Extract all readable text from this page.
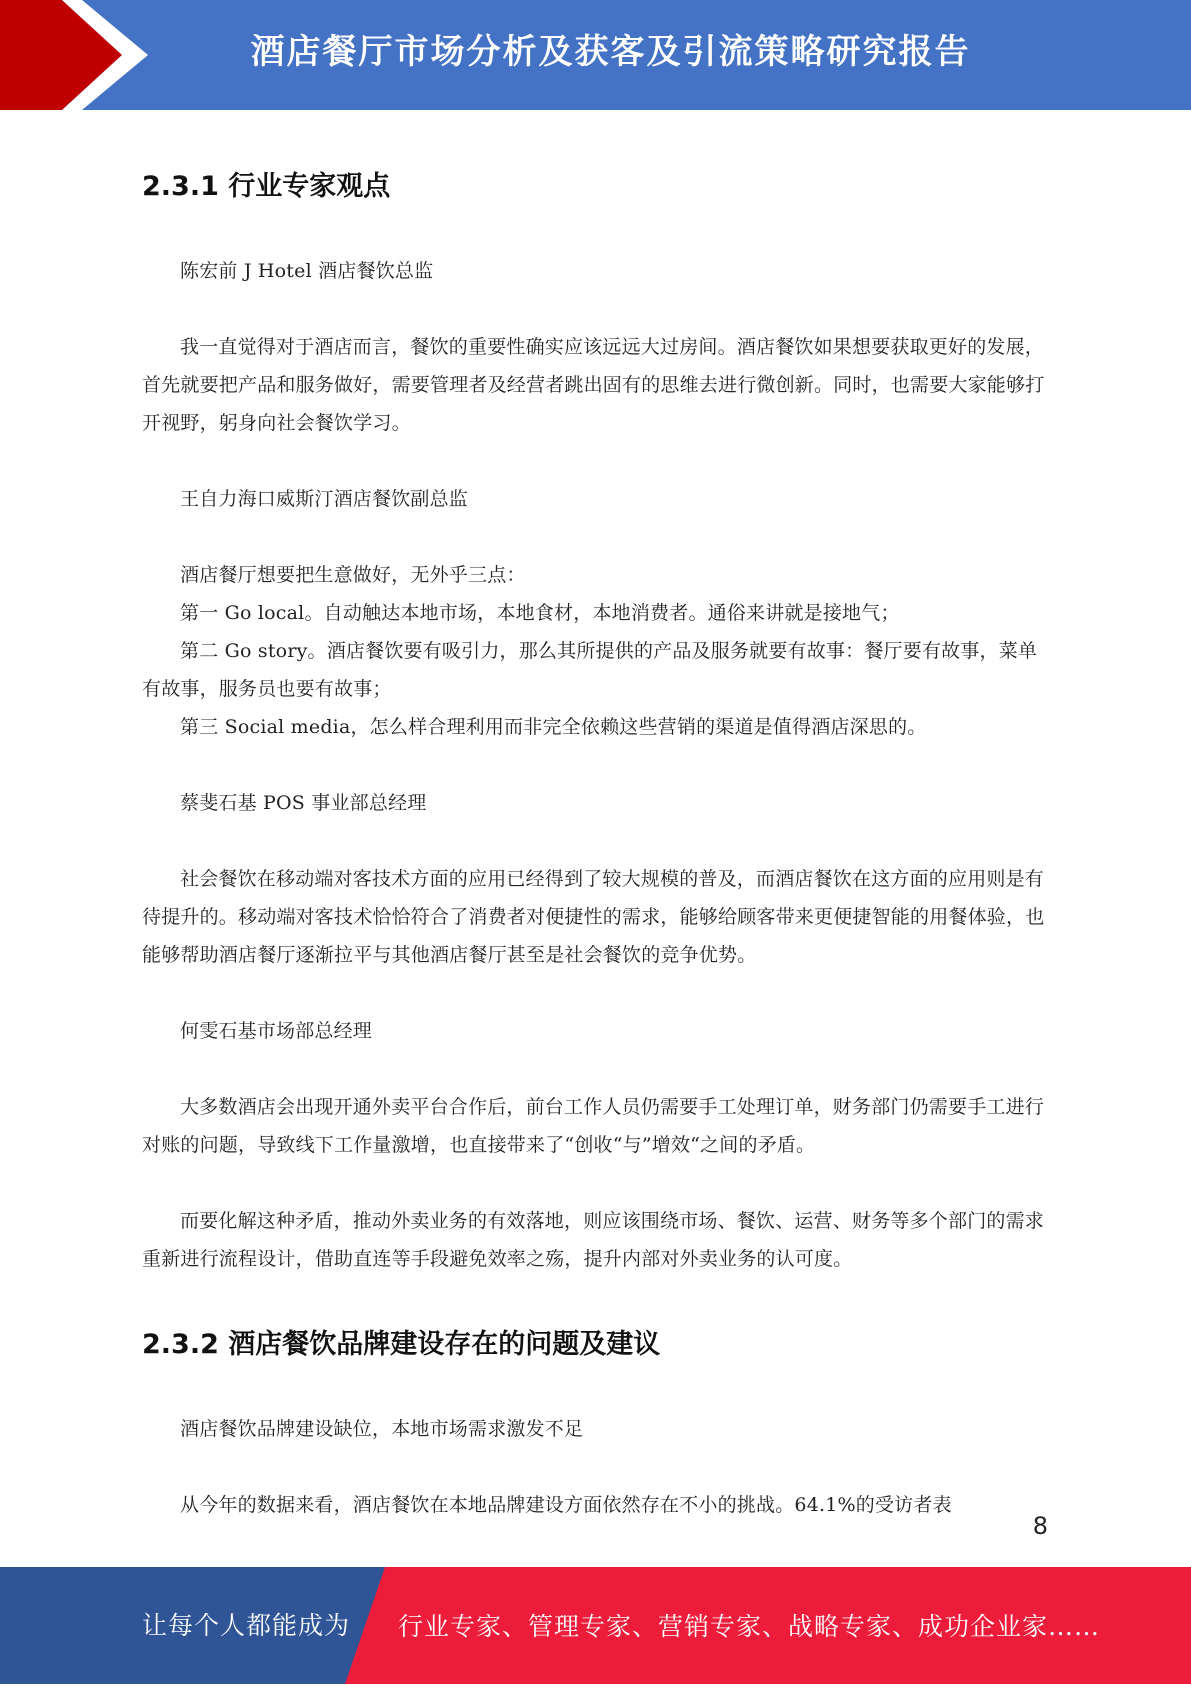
酒店餐厅市场分析及获客及引流策略研究报告
2.3.1 行业专家观点

陈宏前 J Hotel 酒店餐饮总监

我一直觉得对于酒店而言，餐饮的重要性确实应该远远大过房间。酒店餐饮如果想要获取更好的发展，首先就要把产品和服务做好，需要管理者及经营者跳出固有的思维去进行微创新。同时，也需要大家能够打开视野，躬身向社会餐饮学习。

王自力海口威斯汀酒店餐饮副总监

酒店餐厅想要把生意做好，无外乎三点：

第一 Go local。自动触达本地市场，本地食材，本地消费者。通俗来讲就是接地气；

第二 Go story。酒店餐饮要有吸引力，那么其所提供的产品及服务就要有故事：餐厅要有故事，菜单有故事，服务员也要有故事；

第三 Social media，怎么样合理利用而非完全依赖这些营销的渠道是值得酒店深思的。

蔡斐石基 POS 事业部总经理

社会餐饮在移动端对客技术方面的应用已经得到了较大规模的普及，而酒店餐饮在这方面的应用则是有待提升的。移动端对客技术恰恰符合了消费者对便捷性的需求，能够给顾客带来更便捷智能的用餐体验，也能够帮助酒店餐厅逐渐拉平与其他酒店餐厅甚至是社会餐饮的竞争优势。

何雯石基市场部总经理

大多数酒店会出现开通外卖平台合作后，前台工作人员仍需要手工处理订单，财务部门仍需要手工进行对账的问题，导致线下工作量激增，也直接带来了“创收“与”增效“之间的矛盾。

而要化解这种矛盾，推动外卖业务的有效落地，则应该围绕市场、餐饮、运营、财务等多个部门的需求重新进行流程设计，借助直连等手段避免效率之殇，提升内部对外卖业务的认可度。

2.3.2 酒店餐饮品牌建设存在的问题及建议

酒店餐饮品牌建设缺位，本地市场需求激发不足

从今年的数据来看，酒店餐饮在本地品牌建设方面依然存在不小的挑战。64.1%的受访者表

8
让每个人都能成为 行业专家、管理专家、营销专家、战略专家、成功企业家……
